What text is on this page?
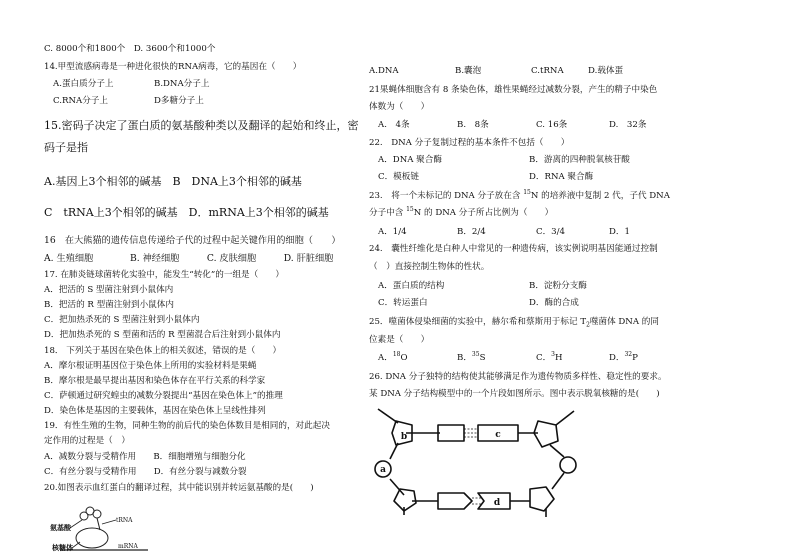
C. 8000个和1800个　D. 3600个和1000个
14.甲型流感病毒是一种进化很快的RNA病毒，它的基因在（　　）
A.蛋白质分子上	B.DNA分子上
C.RNA分子上	D多糖分子上
15.密码子决定了蛋白质的氨基酸种类以及翻译的起始和终止，密
码子是指
A.基因上3个相邻的碱基　B　DNA上3个相邻的碱基
C　tRNA上3个相邻的碱基　D．mRNA上3个相邻的碱基
16　在大熊猫的遗传信息传递给子代的过程中起关键作用的细胞（　　）
A. 生殖细胞　　　　B. 神经细胞　　　C. 皮肤细胞　　　D. 肝脏细胞
17. 在肺炎链球菌转化实验中，能发生“转化”的一组是（　　）
A．把活的 S 型菌注射到小鼠体内
B．把活的 R 型菌注射到小鼠体内
C．把加热杀死的 S 型菌注射到小鼠体内
D．把加热杀死的 S 型菌和活的 R 型菌混合后注射到小鼠体内
18． 下列关于基因在染色体上的相关叙述，错误的是（　　）
A．摩尔根证明基因位于染色体上所用的实验材料是果蝇
B．摩尔根是最早提出基因和染色体存在平行关系的科学家
C．萨顿通过研究蝗虫的减数分裂提出“基因在染色体上”的推理
D．染色体是基因的主要载体，基因在染色体上呈线性排列
19．有性生殖的生物，同种生物的前后代的染色体数目是相同的，对此起决
定作用的过程是（　）
A．减数分裂与受精作用　　B．细胞增殖与细胞分化
C．有丝分裂与受精作用　　D．有丝分裂与减数分裂
20.如图表示血红蛋白的翻译过程，其中能识别并转运氨基酸的是(　　)
氨基酸
tRNA
核糖体	mRNA
A.DNA	B.囊泡	C.tRNA	D.载体蛋
21果蝇体细胞含有 8 条染色体，雄性果蝇经过减数分裂，产生的精子中染色
体数为（　　）
A.　4条	B.　8条	C. 16条	D.　32条
22.　DNA 分子复制过程的基本条件不包括（　　）
A．DNA 聚合酶	B．游离的四种脱氧核苷酸
C．模板链	D．RNA 聚合酶
23.　将一个未标记的 DNA 分子放在含 $^{15}$N 的培养液中复制 2 代，子代 DNA
分子中含 $^{15}$N 的 DNA 分子所占比例为（　　）
A．1/4	B．2/4	C．3/4	D．1
24.　囊性纤维化是白种人中常见的一种遗传病，该实例说明基因能通过控制
（　）直接控制生物体的性状。
A．蛋白质的结构	B．淀粉分支酶
C．转运蛋白	D．酶的合成
25．噬菌体侵染细菌的实验中，赫尔希和蔡斯用于标记 $T_2$噬菌体 DNA 的同
位素是（　　）
A．$^{18}$O	B．$^{35}$S	C．$^3$H	D．$^{32}$P
26. DNA 分子独特的结构使其能够满足作为遗传物质多样性、稳定性的要求。
某 DNA 分子结构模型中的一个片段如图所示。图中表示脱氧核糖的是(　　)
b
a
c
d
